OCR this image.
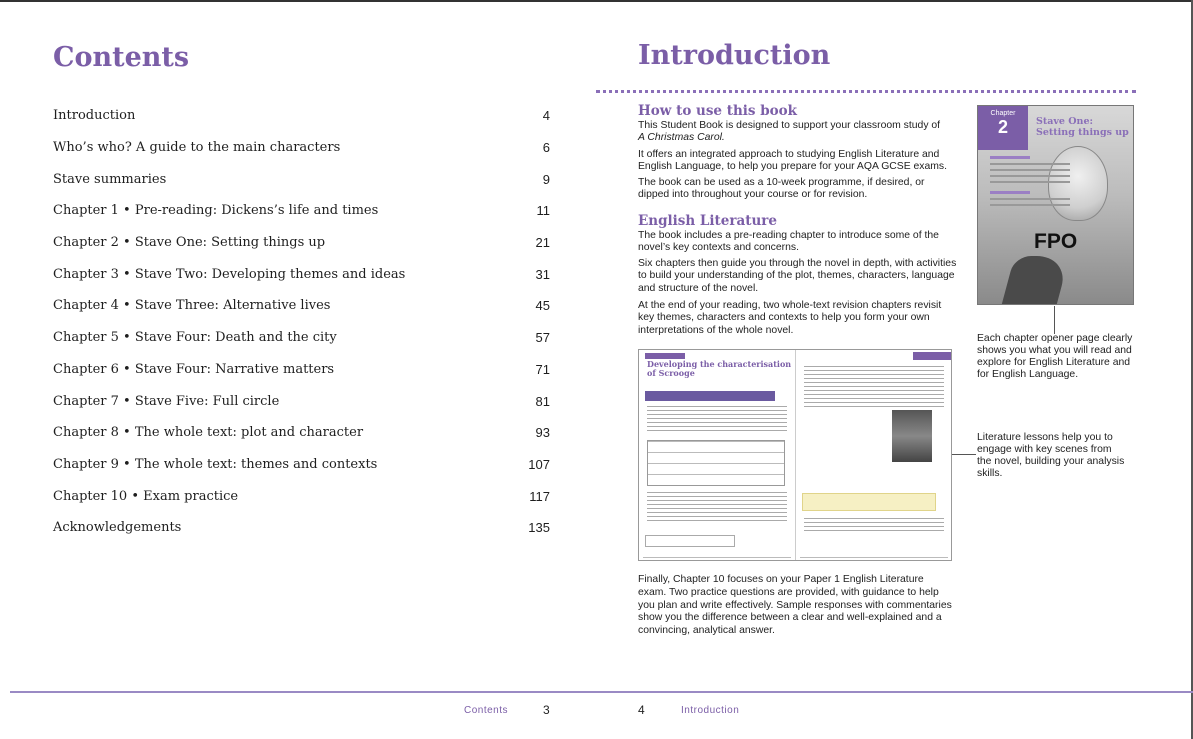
Contents
Introduction	4
Who’s who? A guide to the main characters	6
Stave summaries	9
Chapter 1 • Pre-reading: Dickens’s life and times	11
Chapter 2 • Stave One: Setting things up	21
Chapter 3 • Stave Two: Developing themes and ideas	31
Chapter 4 • Stave Three: Alternative lives	45
Chapter 5 • Stave Four: Death and the city	57
Chapter 6 • Stave Four: Narrative matters	71
Chapter 7 • Stave Five: Full circle	81
Chapter 8 • The whole text: plot and character	93
Chapter 9 • The whole text: themes and contexts	107
Chapter 10 • Exam practice	117
Acknowledgements	135
Introduction
How to use this book
This Student Book is designed to support your classroom study of
A Christmas Carol.
It offers an integrated approach to studying English Literature and English Language, to help you prepare for your AQA GCSE exams.
The book can be used as a 10-week programme, if desired, or dipped into throughout your course or for revision.
English Literature
The book includes a pre-reading chapter to introduce some of the novel’s key contexts and concerns.
Six chapters then guide you through the novel in depth, with activities to build your understanding of the plot, themes, characters, language and structure of the novel.
At the end of your reading, two whole-text revision chapters revisit key themes, characters and contexts to help you form your own interpretations of the whole novel.
Chapter
2	Stave One: Setting things up
FPO
Each chapter opener page clearly shows you what you will read and explore for English Literature and for English Language.
Developing the characterisation of Scrooge
Literature lessons help you to engage with key scenes from the novel, building your analysis skills.
Finally, Chapter 10 focuses on your Paper 1 English Literature exam. Two practice questions are provided, with guidance to help you plan and write effectively. Sample responses with commentaries show you the difference between a clear and well-explained and a convincing, analytical answer.
Contents	3	4	Introduction
